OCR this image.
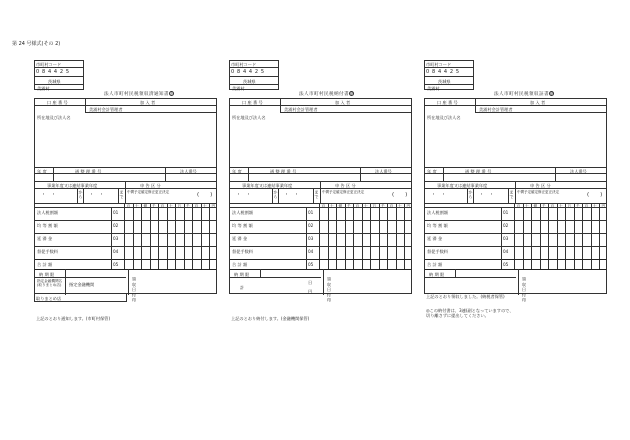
第 24 号様式(その 2)
市町村コード
0 8 4 4 2 5
茨城県
美浦村
法人市町村民税領収済通知書市
口 座 番 号	加 入 者
美浦村会計管理者
所在地及び法人名
年 度	通 整 理 番 号	法人番号
事業年度又は連結事業年度	申 告 区 分
・　・	から ・　・	まで 中間 予定 確定 修正 更正 決定	(　　)
百 十 億 千 百 十 万 千 百 十 円
法人税割額	01
均 等 割 額	02
延 滞 金	03
督促手数料	04
合 計 額	05
納 期 限
指定金融機関名(取りまとめ店)	指定金融機関	領収日付印
取りまとめ店
上記のとおり通知します。(市町村保管)
市町村コード
0 8 4 4 2 5
茨城県
美浦村
法人市町村民税納付書納
口 座 番 号	加 入 者
美浦村会計管理者
所在地及び法人名
年 度	通 整 理 番 号	法人番号
事業年度又は連結事業年度	申 告 区 分
・　・	から ・　・	まで 中間 予定 確定 修正 更正 決定	(　　)
百 十 億 千 百 十 万 千 百 十 円
法人税割額	01
均 等 割 額	02
延 滞 金	03
督促手数料	04
合 計 額	05
納 期 限
計
日
円	領収日付印
上記のとおり納付します。(金融機関保管)
市町村コード
0 8 4 4 2 5
茨城県
美浦村
法人市町村民税領収証書納
口 座 番 号	加 入 者
美浦村会計管理者
所在地及び法人名
年 度	通 整 理 番 号	法人番号
事業年度又は連結事業年度	申 告 区 分
・　・	から ・　・	まで 中間 予定 確定 修正 更正 決定	(　　)
百 十 億 千 百 十 万 千 百 十 円
法人税割額	01
均 等 割 額	02
延 滞 金	03
督促手数料	04
合 計 額	05
納 期 限
領収日付印
上記のとおり領収しました。(納税者保管)
◎この納付書は、3連(副となっていますので、切り離さずに提出してください。
